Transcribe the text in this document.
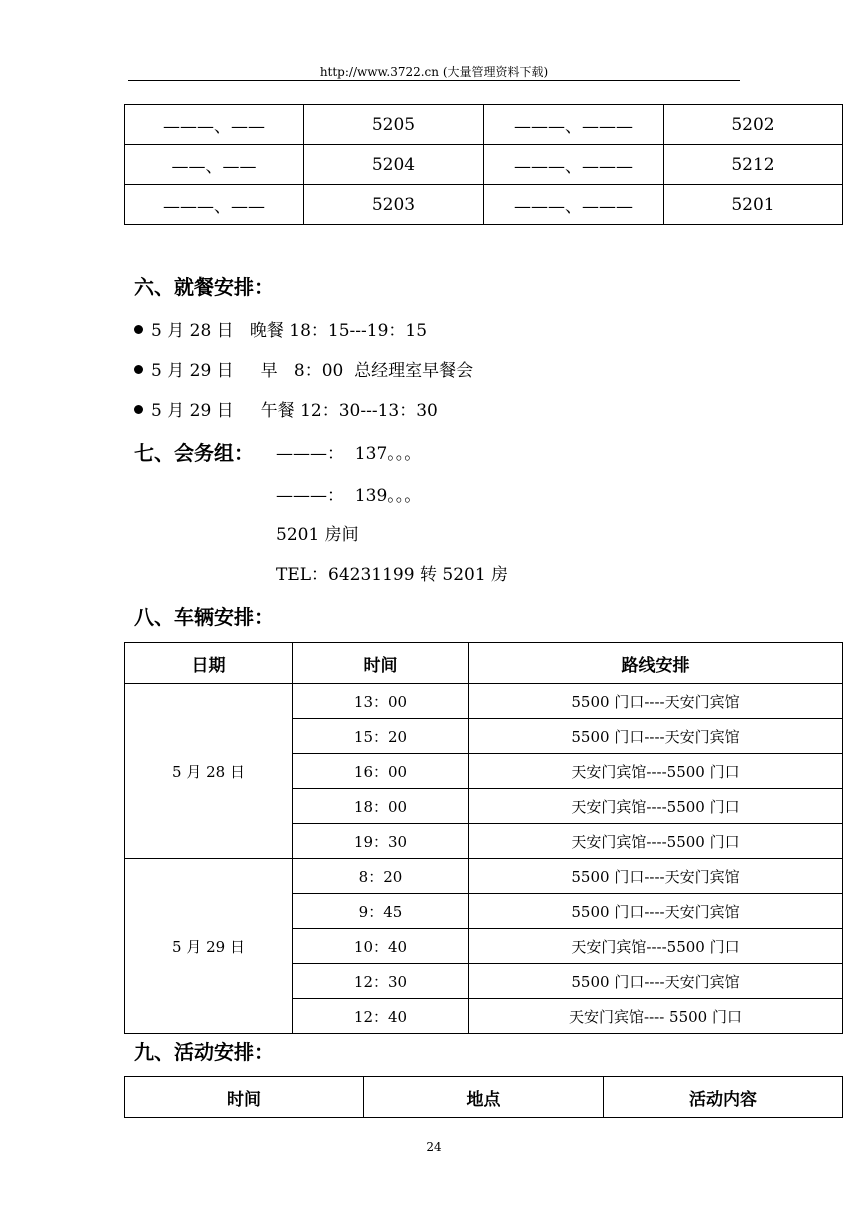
http://www.3722.cn (大量管理资料下载)
———、——	5205	———、———	5202
——、——	5204	———、———	5212
———、——	5203	———、———	5201
六、就餐安排：
5 月 28 日   晚餐 18：15---19：15
5 月 29 日     早   8：00  总经理室早餐会
5 月 29 日     午餐 12：30---13：30
七、会务组： ———：  137。。。
———：  139。。。
5201 房间
TEL：64231199 转 5201 房
八、车辆安排：
日期	时间	路线安排
5 月 28 日	13：00	5500 门口----天安门宾馆
	15：20	5500 门口----天安门宾馆
	16：00	天安门宾馆----5500 门口
	18：00	天安门宾馆----5500 门口
	19：30	天安门宾馆----5500 门口
5 月 29 日	8：20	5500 门口----天安门宾馆
	9：45	5500 门口----天安门宾馆
	10：40	天安门宾馆----5500 门口
	12：30	5500 门口----天安门宾馆
	12：40	天安门宾馆---- 5500 门口
九、活动安排：
时间	地点	活动内容
24
